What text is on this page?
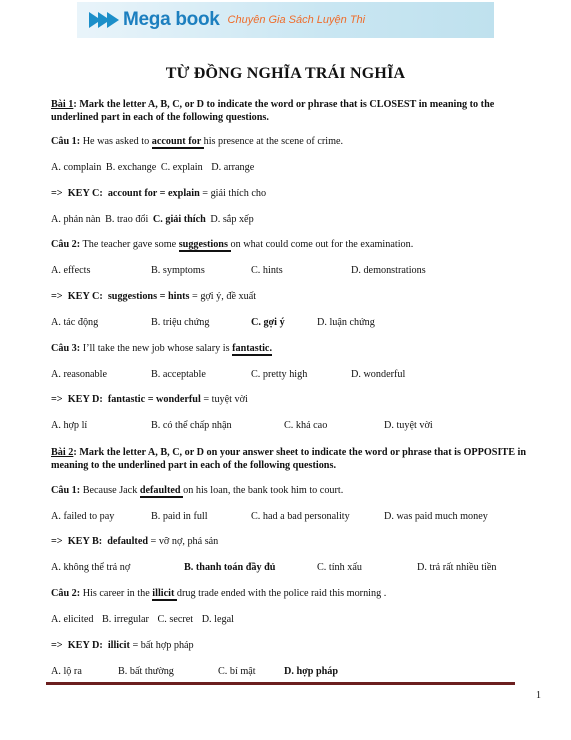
Mega book Chuyên Gia Sách Luyện Thi
TỪ ĐỒNG NGHĨA TRÁI NGHĨA
Bài 1: Mark the letter A, B, C, or D to indicate the word or phrase that is CLOSEST in meaning to the underlined part in each of the following questions.
Câu 1: He was asked to account for his presence at the scene of crime.
A. complain B. exchange C. explain D. arrange
=> KEY C: account for = explain = giải thích cho
A. phản nàn B. trao đổi C. giải thích D. sắp xếp
Câu 2: The teacher gave some suggestions on what could come out for the examination.
A. effects	B. symptoms	C. hints	D. demonstrations
=> KEY C: suggestions = hints = gợi ý, đề xuất
A. tác động	B. triệu chứng	C. gợi ý	D. luận chứng
Câu 3: I’ll take the new job whose salary is fantastic.
A. reasonable	B. acceptable	C. pretty high	D. wonderful
=> KEY D: fantastic = wonderful = tuyệt vời
A. hợp lí	B. có thể chấp nhận	C. khá cao	D. tuyệt vời
Bài 2: Mark the letter A, B, C, or D on your answer sheet to indicate the word or phrase that is OPPOSITE in meaning to the underlined part in each of the following questions.
Câu 1: Because Jack defaulted on his loan, the bank took him to court.
A. failed to pay	B. paid in full	C. had a bad personality	D. was paid much money
=> KEY B: defaulted = vỡ nợ, phá sản
A. không thể trả nợ	B. thanh toán đầy đủ	C. tính xấu	D. trả rất nhiều tiền
Câu 2: His career in the illicit drug trade ended with the police raid this morning .
A. elicited B. irregular C. secret D. legal
=> KEY D: illicit = bất hợp pháp
A. lộ ra	B. bất thường	C. bí mật	D. hợp pháp
1
